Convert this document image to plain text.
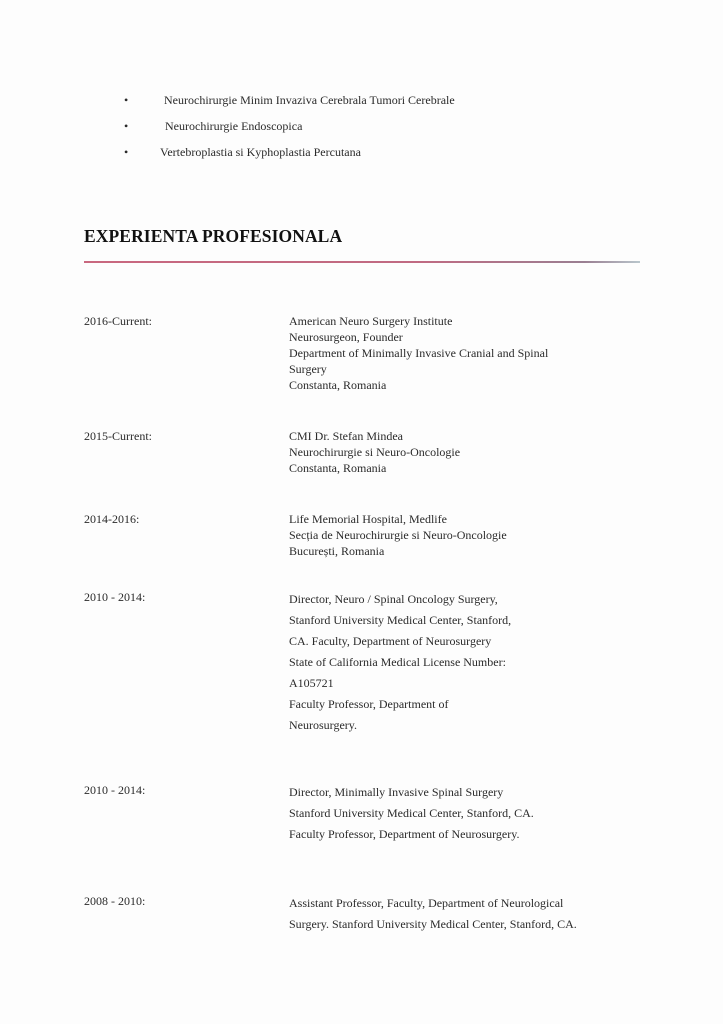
•	Neurochirurgie Minim Invaziva Cerebrala Tumori Cerebrale
•	Neurochirurgie Endoscopica
•	Vertebroplastia si Kyphoplastia Percutana
EXPERIENTA PROFESIONALA
2016-Current:	American Neuro Surgery Institute
Neurosurgeon, Founder
Department of Minimally Invasive Cranial and Spinal
Surgery
Constanta, Romania
2015-Current:	CMI Dr. Stefan Mindea
Neurochirurgie si Neuro-Oncologie
Constanta, Romania
2014-2016:	Life Memorial Hospital, Medlife
Secția de Neurochirurgie si Neuro-Oncologie
București, Romania
2010 - 2014:	Director, Neuro / Spinal Oncology Surgery,
Stanford University Medical Center, Stanford,
CA. Faculty, Department of Neurosurgery
State of California Medical License Number:
A105721
Faculty Professor, Department of
Neurosurgery.
2010 - 2014:	Director, Minimally Invasive Spinal Surgery
Stanford University Medical Center, Stanford, CA.
Faculty Professor, Department of Neurosurgery.
2008 - 2010:	Assistant Professor, Faculty, Department of Neurological
Surgery. Stanford University Medical Center, Stanford, CA.
